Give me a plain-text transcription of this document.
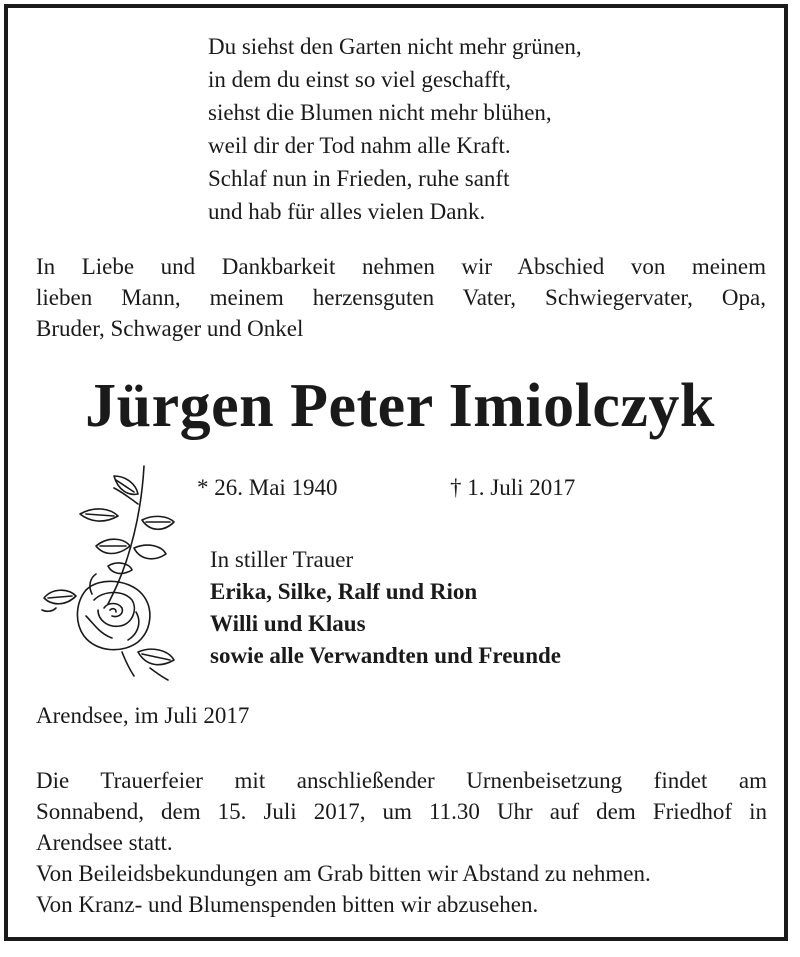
Du siehst den Garten nicht mehr grünen,
in dem du einst so viel geschafft,
siehst die Blumen nicht mehr blühen,
weil dir der Tod nahm alle Kraft.
Schlaf nun in Frieden, ruhe sanft
und hab für alles vielen Dank.
In Liebe und Dankbarkeit nehmen wir Abschied von meinem
lieben Mann, meinem herzensguten Vater, Schwiegervater, Opa,
Bruder, Schwager und Onkel
Jürgen Peter Imiolczyk
* 26. Mai 1940	† 1. Juli 2017
In stiller Trauer
Erika, Silke, Ralf und Rion
Willi und Klaus
sowie alle Verwandten und Freunde
Arendsee, im Juli 2017
Die Trauerfeier mit anschließender Urnenbeisetzung findet am
Sonnabend, dem 15. Juli 2017, um 11.30 Uhr auf dem Friedhof in
Arendsee statt.
Von Beileidsbekundungen am Grab bitten wir Abstand zu nehmen.
Von Kranz- und Blumenspenden bitten wir abzusehen.
